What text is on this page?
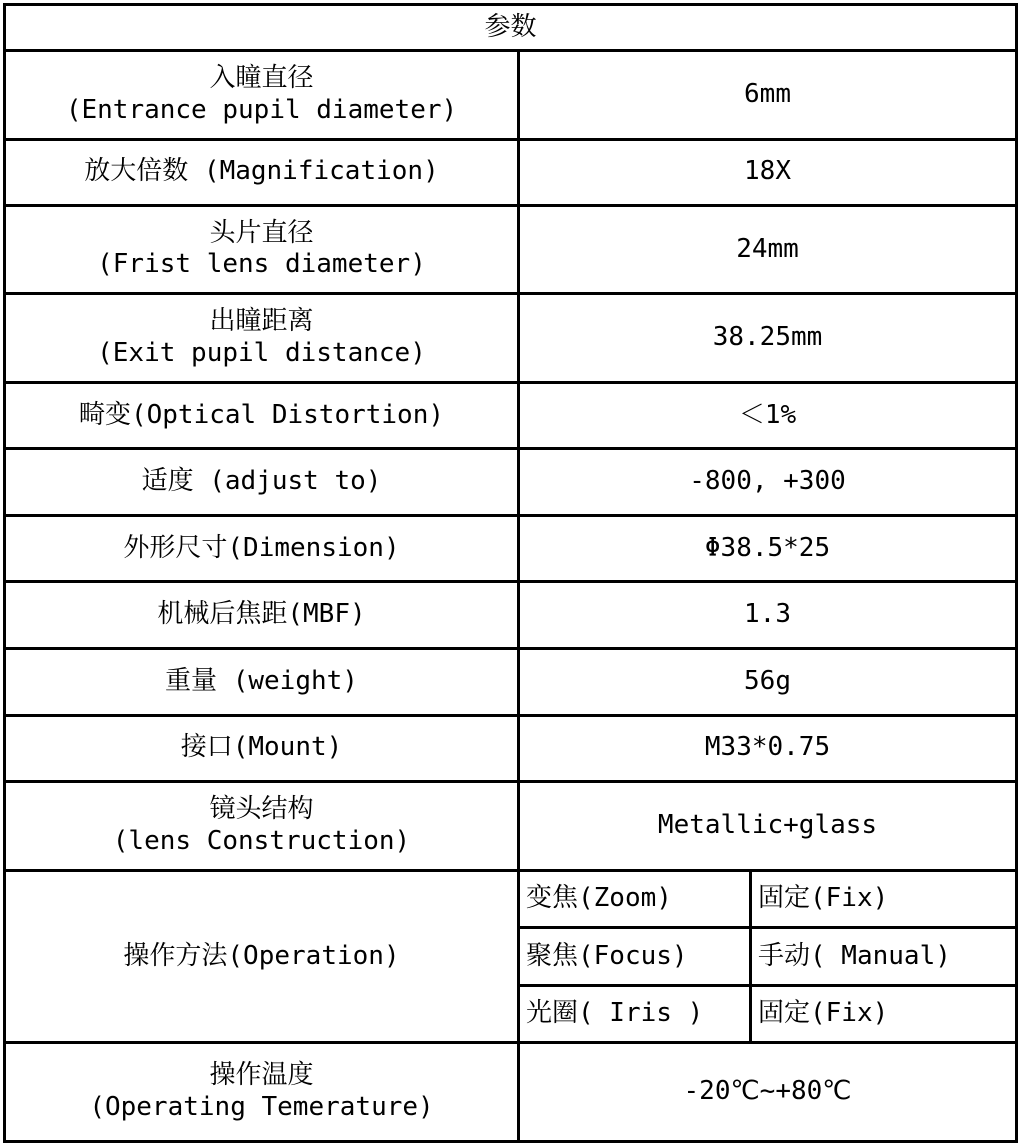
参数		

入瞳直径
(Entrance pupil diameter)	6mm	
放大倍数 (Magnification)	18X	

头片直径
(Frist lens diameter)	24mm	

出瞳距离
(Exit pupil distance)	38.25mm	
畸变(Optical Distortion)	＜1%	
适度 (adjust to)	-800, +300	
外形尺寸(Dimension)	Φ38.5*25	
机械后焦距(MBF)	1.3	
重量 (weight)	56g	
接口(Mount)	M33*0.75	

镜头结构
(lens Construction)	Metallic+glass	
操作方法(Operation)	变焦(Zoom)	固定(Fix)
	聚焦(Focus)	手动( Manual)
	光圈( Iris )	固定(Fix)

操作温度
(Operating Temerature)	-20℃~+80℃	
